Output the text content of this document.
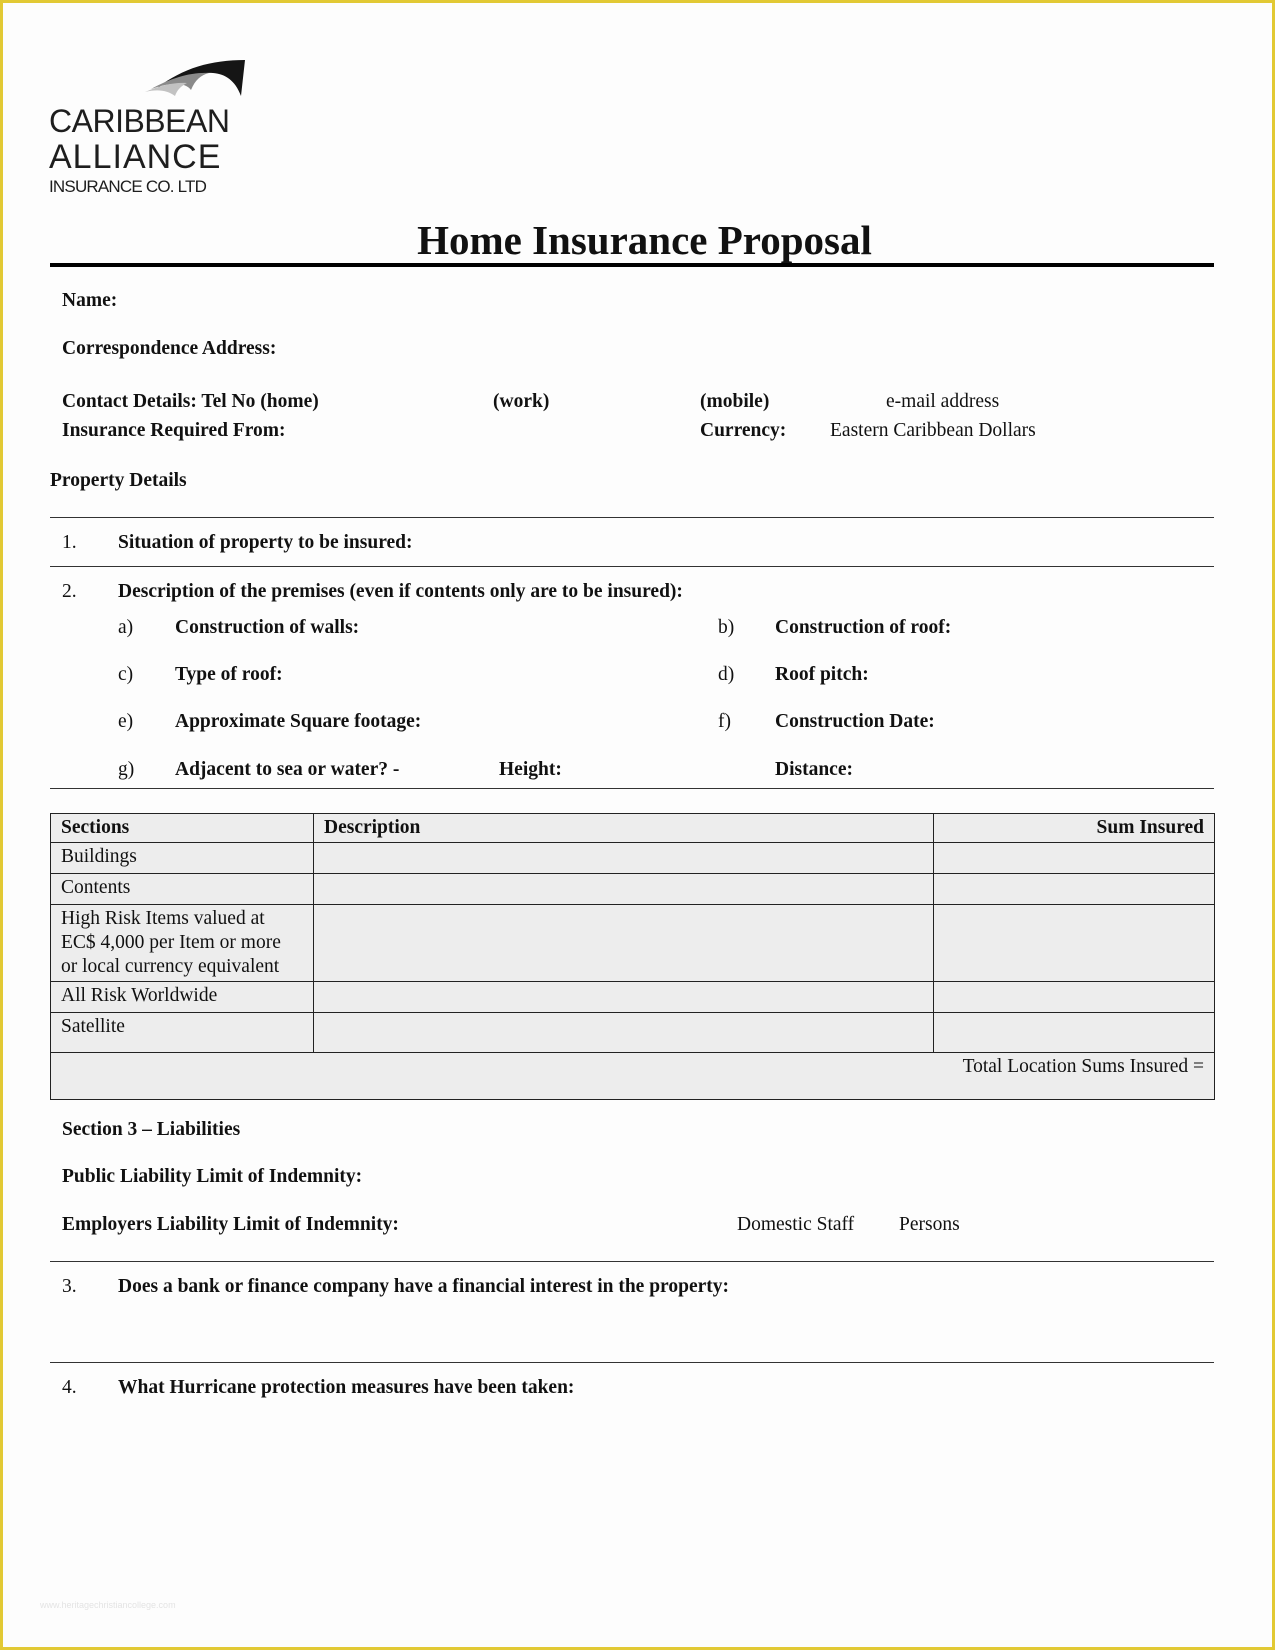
CARIBBEAN
ALLIANCE
INSURANCE CO. LTD
Home Insurance Proposal
Name:
Correspondence Address:
Contact Details: Tel No (home)	(work)	(mobile)	e-mail address
Insurance Required From:	Currency: Eastern Caribbean Dollars
Property Details
1. Situation of property to be insured:
2. Description of the premises (even if contents only are to be insured):
a) Construction of walls:	b) Construction of roof:
c) Type of roof:	d) Roof pitch:
e) Approximate Square footage:	f) Construction Date:
g) Adjacent to sea or water? -	Height:	Distance:
Sections	Description	Sum Insured
Buildings		
Contents		

High Risk Items valued at
EC$ 4,000 per Item or more
or local currency equivalent		

All Risk Worldwide		
Satellite		
Total Location Sums Insured =		
Section 3 – Liabilities
Public Liability Limit of Indemnity:
Employers Liability Limit of Indemnity:	Domestic Staff Persons
3. Does a bank or finance company have a financial interest in the property:
4. What Hurricane protection measures have been taken:
www.heritagechristiancollege.com
